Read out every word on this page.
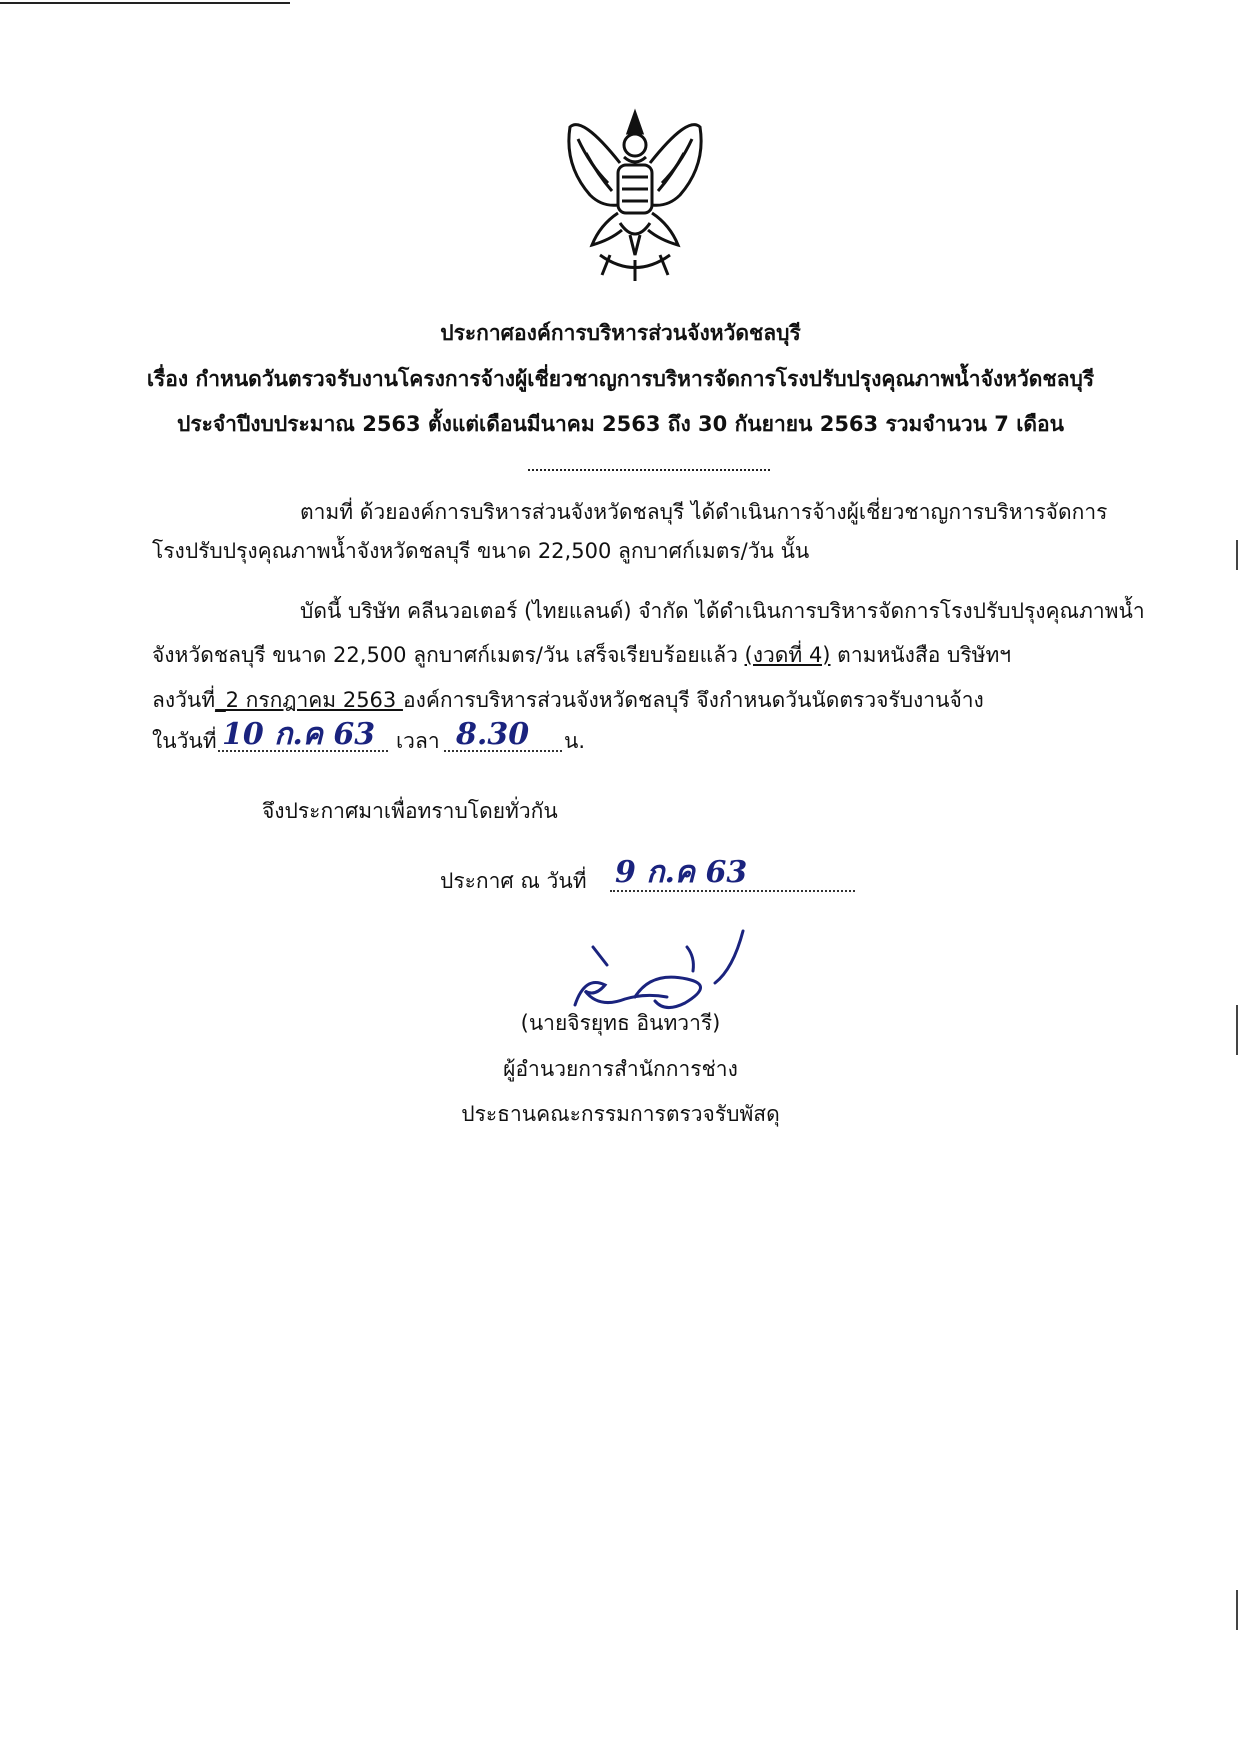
ประกาศองค์การบริหารส่วนจังหวัดชลบุรี
เรื่อง กำหนดวันตรวจรับงานโครงการจ้างผู้เชี่ยวชาญการบริหารจัดการโรงปรับปรุงคุณภาพน้ำจังหวัดชลบุรี
ประจำปีงบประมาณ 2563 ตั้งแต่เดือนมีนาคม 2563 ถึง 30 กันยายน 2563 รวมจำนวน 7 เดือน
ตามที่ ด้วยองค์การบริหารส่วนจังหวัดชลบุรี ได้ดำเนินการจ้างผู้เชี่ยวชาญการบริหารจัดการ
โรงปรับปรุงคุณภาพน้ำจังหวัดชลบุรี ขนาด 22,500 ลูกบาศก์เมตร/วัน นั้น
บัดนี้ บริษัท คลีนวอเตอร์ (ไทยแลนด์) จำกัด ได้ดำเนินการบริหารจัดการโรงปรับปรุงคุณภาพน้ำ
จังหวัดชลบุรี ขนาด 22,500 ลูกบาศก์เมตร/วัน เสร็จเรียบร้อยแล้ว (งวดที่ 4) ตามหนังสือ บริษัทฯ
ลงวันที่_2 กรกฎาคม 2563 องค์การบริหารส่วนจังหวัดชลบุรี จึงกำหนดวันนัดตรวจรับงานจ้าง
ในวันที่ 10 ก.ค 63 เวลา 8.30 น.
จึงประกาศมาเพื่อทราบโดยทั่วกัน
ประกาศ ณ วันที่ 9 ก.ค 63
(นายจิรยุทธ อินทวารี)
ผู้อำนวยการสำนักการช่าง
ประธานคณะกรรมการตรวจรับพัสดุ
